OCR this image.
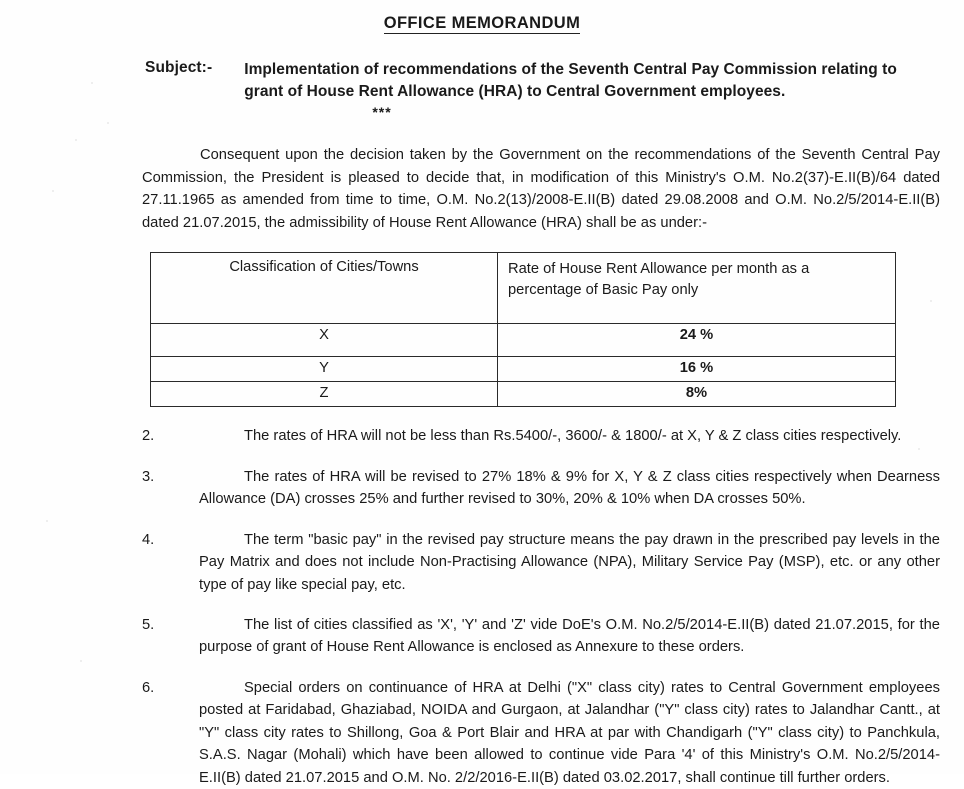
OFFICE MEMORANDUM
Subject:- Implementation of recommendations of the Seventh Central Pay Commission relating to grant of House Rent Allowance (HRA) to Central Government employees.
***

Consequent upon the decision taken by the Government on the recommendations of the Seventh Central Pay Commission, the President is pleased to decide that, in modification of this Ministry's O.M. No.2(37)-E.II(B)/64 dated 27.11.1965 as amended from time to time, O.M. No.2(13)/2008-E.II(B) dated 29.08.2008 and O.M. No.2/5/2014-E.II(B) dated 21.07.2015, the admissibility of House Rent Allowance (HRA) shall be as under:-

Classification of Cities/Towns	Rate of House Rent Allowance per month as a percentage of Basic Pay only
X	24 %
Y	16 %
Z	8%
2.	The rates of HRA will not be less than Rs.5400/-, 3600/- & 1800/- at X, Y & Z class cities respectively.

3.	The rates of HRA will be revised to 27% 18% & 9% for X, Y & Z class cities respectively when Dearness Allowance (DA) crosses 25% and further revised to 30%, 20% & 10% when DA crosses 50%.

4.	The term "basic pay" in the revised pay structure means the pay drawn in the prescribed pay levels in the Pay Matrix and does not include Non-Practising Allowance (NPA), Military Service Pay (MSP), etc. or any other type of pay like special pay, etc.

5.	The list of cities classified as 'X', 'Y' and 'Z' vide DoE's O.M. No.2/5/2014-E.II(B) dated 21.07.2015, for the purpose of grant of House Rent Allowance is enclosed as Annexure to these orders.

6.	Special orders on continuance of HRA at Delhi ("X" class city) rates to Central Government employees posted at Faridabad, Ghaziabad, NOIDA and Gurgaon, at Jalandhar ("Y" class city) rates to Jalandhar Cantt., at "Y" class city rates to Shillong, Goa & Port Blair and HRA at par with Chandigarh ("Y" class city) to Panchkula, S.A.S. Nagar (Mohali) which have been allowed to continue vide Para '4' of this Ministry's O.M. No.2/5/2014-E.II(B) dated 21.07.2015 and O.M. No. 2/2/2016-E.II(B) dated 03.02.2017, shall continue till further orders.
